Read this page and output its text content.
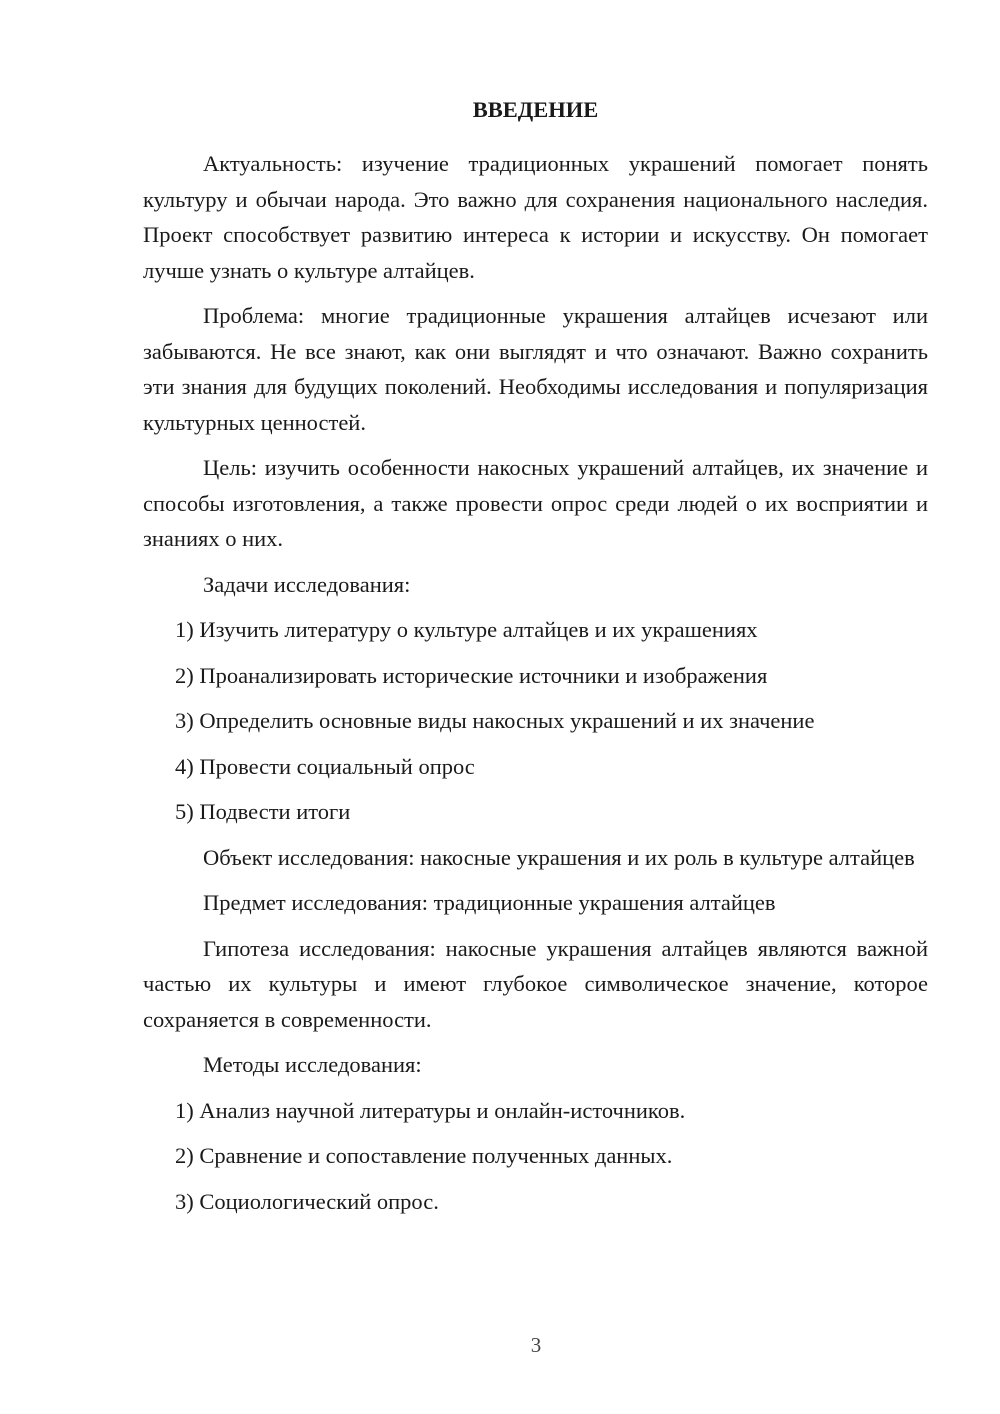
ВВЕДЕНИЕ

Актуальность: изучение традиционных украшений помогает понять культуру и обычаи народа. Это важно для сохранения национального наследия. Проект способствует развитию интереса к истории и искусству. Он помогает лучше узнать о культуре алтайцев.

Проблема: многие традиционные украшения алтайцев исчезают или забываются. Не все знают, как они выглядят и что означают. Важно сохранить эти знания для будущих поколений. Необходимы исследования и популяризация культурных ценностей.

Цель: изучить особенности накосных украшений алтайцев, их значение и способы изготовления, а также провести опрос среди людей о их восприятии и знаниях о них.

Задачи исследования:

1) Изучить литературу о культуре алтайцев и их украшениях
2) Проанализировать исторические источники и изображения
3) Определить основные виды накосных украшений и их значение
4) Провести социальный опрос
5) Подвести итоги

Объект исследования: накосные украшения и их роль в культуре алтайцев

Предмет исследования: традиционные украшения алтайцев

Гипотеза исследования: накосные украшения алтайцев являются важной частью их культуры и имеют глубокое символическое значение, которое сохраняется в современности.

Методы исследования:

1) Анализ научной литературы и онлайн-источников.
2) Сравнение и сопоставление полученных данных.
3) Социологический опрос.
3
